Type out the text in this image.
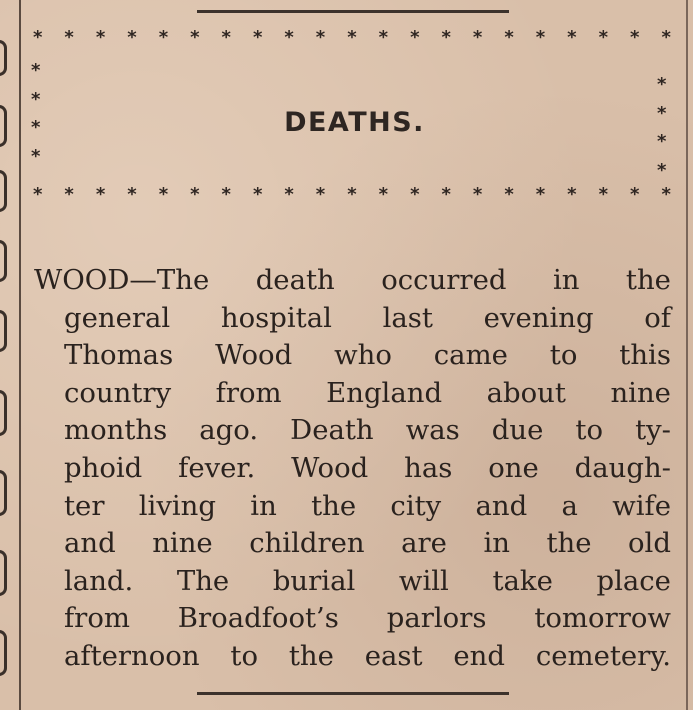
* * * * * * * * * * * * * * * * * * * * *
*
*
*
*
*
*
*
*
* * * * * * * * * * * * * * * * * * * * *
DEATHS.
WOOD—The death occurred in the
general hospital last evening of
Thomas Wood who came to this
country from England about nine
months ago. Death was due to ty-
phoid fever. Wood has one daugh-
ter living in the city and a wife
and nine children are in the old
land. The burial will take place
from Broadfoot’s parlors tomorrow
afternoon to the east end cemetery.
